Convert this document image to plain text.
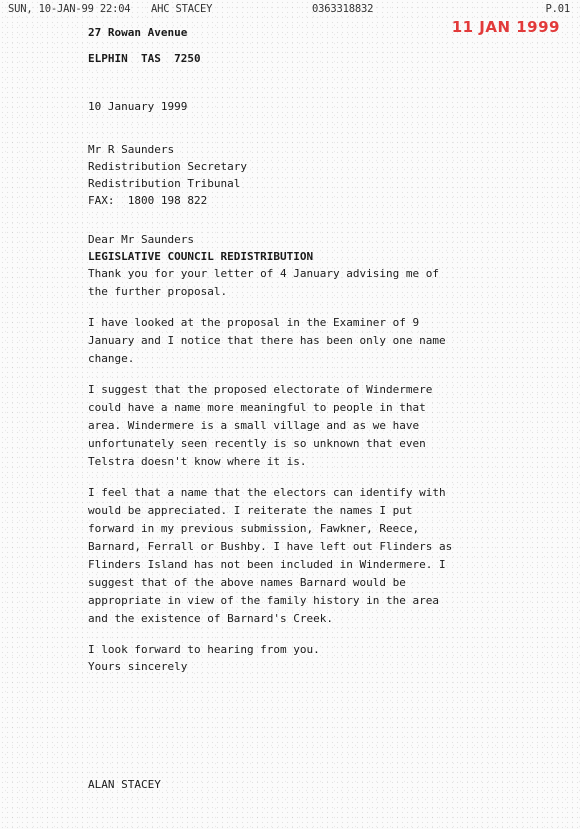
SUN, 10-JAN-99 22:04 AHC STACEY	0363318832	P.01
11 JAN 1999
27 Rowan Avenue
ELPHIN  TAS  7250
10 January 1999
Mr R Saunders
Redistribution Secretary
Redistribution Tribunal
FAX:  1800 198 822
Dear Mr Saunders
LEGISLATIVE COUNCIL REDISTRIBUTION

Thank you for your letter of 4 January advising me of
the further proposal.

I have looked at the proposal in the Examiner of 9
January and I notice that there has been only one name
change.

I suggest that the proposed electorate of Windermere
could have a name more meaningful to people in that
area. Windermere is a small village and as we have
unfortunately seen recently is so unknown that even
Telstra doesn't know where it is.

I feel that a name that the electors can identify with
would be appreciated. I reiterate the names I put
forward in my previous submission, Fawkner, Reece,
Barnard, Ferrall or Bushby. I have left out Flinders as
Flinders Island has not been included in Windermere. I
suggest that of the above names Barnard would be
appropriate in view of the family history in the area
and the existence of Barnard's Creek.

I look forward to hearing from you.
Yours sincerely
ALAN STACEY
